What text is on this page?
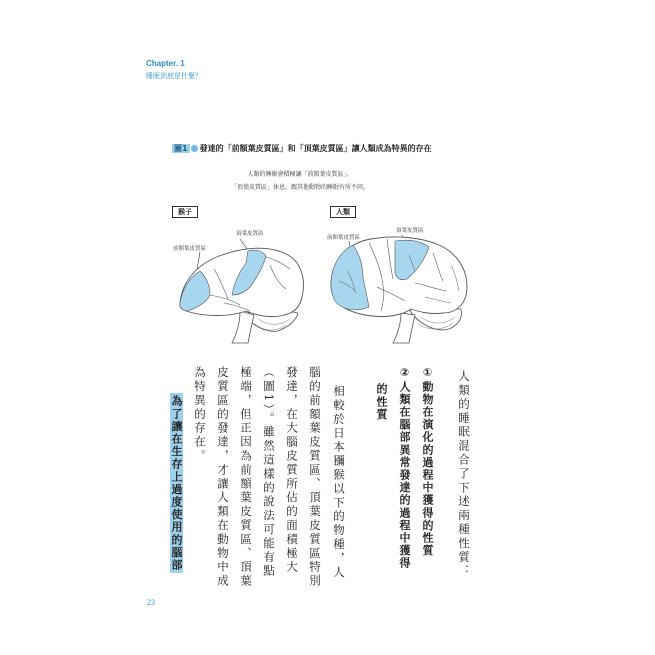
Chapter. 1
睡眠到底是什麼？
圖1 發達的「前額葉皮質區」和「頂葉皮質區」讓人類成為特異的存在
人類的睡眠會積極讓「前額葉皮質區」、
「頂葉皮質區」休息，跟其他動物的睡眠有所不同。
猴子
頂葉皮質區
前額葉皮質區
人類
頂葉皮質區
前額葉皮質區
人類的睡眠混合了下述兩種性質：
①動物在演化的過程中獲得的性質
②人類在腦部異常發達的過程中獲得
的性質
相較於日本獼猴以下的物種，人
腦的前額葉皮質區、頂葉皮質區特別
發達，在大腦皮質所佔的面積極大
（圖1）。雖然這樣的說法可能有點
極端，但正因為前額葉皮質區、頂葉
皮質區的發達，才讓人類在動物中成
為特異的存在。
為了讓在生存上過度使用的腦部
23
